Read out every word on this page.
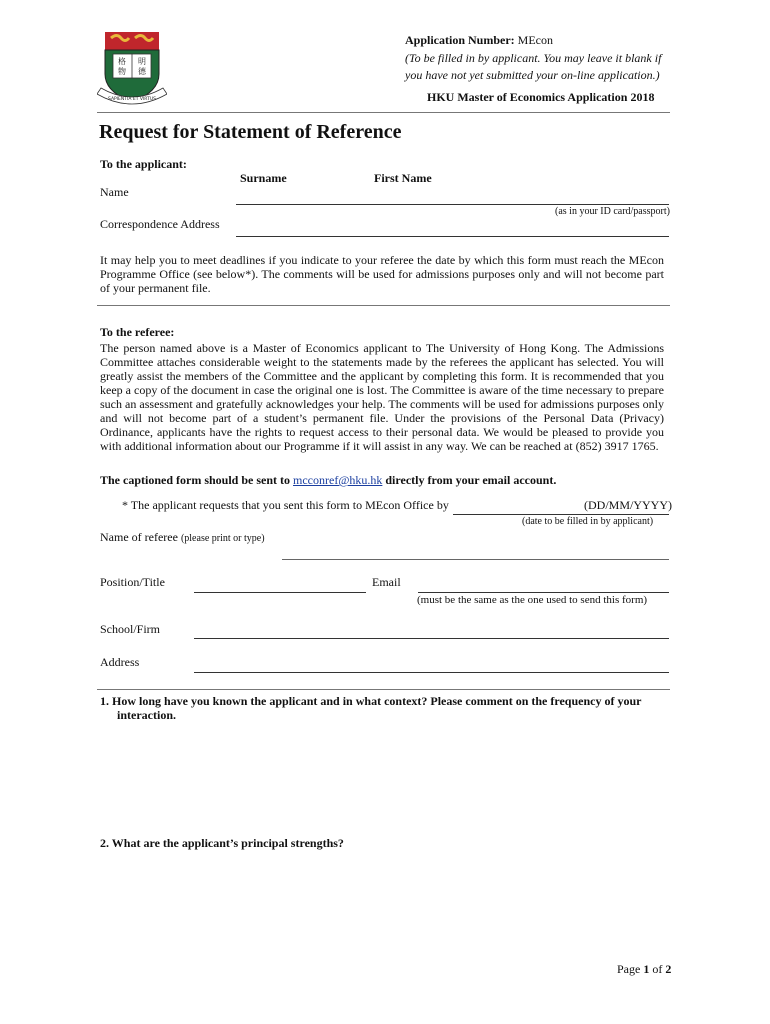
格 明
物 德
SAPIENTIA ET VIRTUS
Application Number: MEcon
(To be filled in by applicant. You may leave it blank if
you have not yet submitted your on-line application.)
HKU Master of Economics Application 2018
Request for Statement of Reference
To the applicant:
Surname	First Name
Name
(as in your ID card/passport)
Correspondence Address
It may help you to meet deadlines if you indicate to your referee the date by which this form must reach the MEcon Programme Office (see below*). The comments will be used for admissions purposes only and will not become part of your permanent file.
To the referee:
The person named above is a Master of Economics applicant to The University of Hong Kong. The Admissions Committee attaches considerable weight to the statements made by the referees the applicant has selected. You will greatly assist the members of the Committee and the applicant by completing this form. It is recommended that you keep a copy of the document in case the original one is lost. The Committee is aware of the time necessary to prepare such an assessment and gratefully acknowledges your help. The comments will be used for admissions purposes only and will not become part of a student’s permanent file. Under the provisions of the Personal Data (Privacy) Ordinance, applicants have the rights to request access to their personal data. We would be pleased to provide you with additional information about our Programme if it will assist in any way. We can be reached at (852) 3917 1765.
The captioned form should be sent to mcconref@hku.hk directly from your email account.
* The applicant requests that you sent this form to MEcon Office by	(DD/MM/YYYY)
(date to be filled in by applicant)
Name of referee (please print or type)
Position/Title	Email
(must be the same as the one used to send this form)
School/Firm
Address
1. How long have you known the applicant and in what context? Please comment on the frequency of your
interaction.
2. What are the applicant’s principal strengths?
Page 1 of 2
